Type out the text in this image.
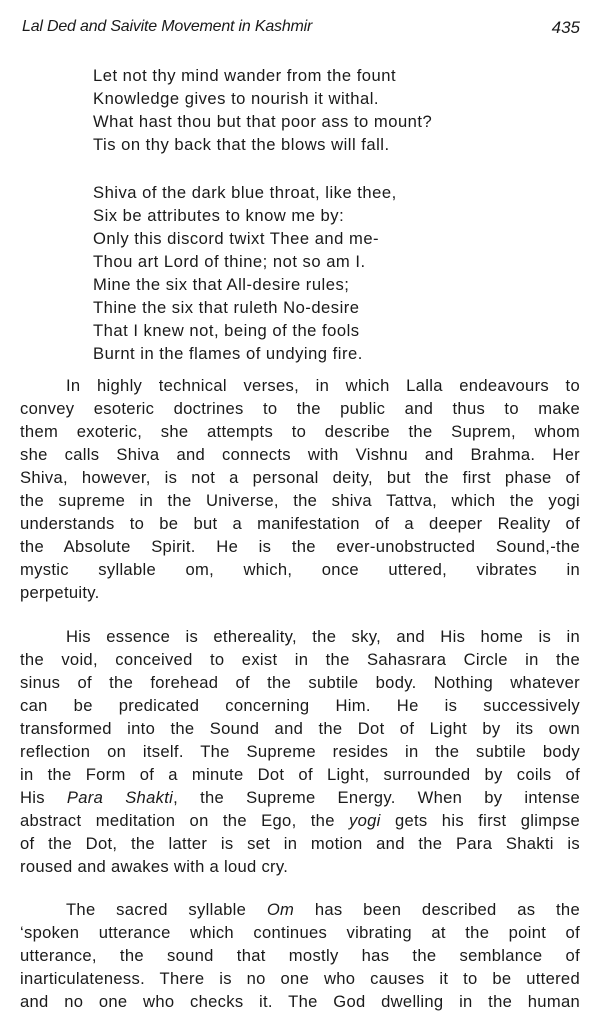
Lal Ded and Saivite Movement in Kashmir	435
Let not thy mind wander from the fount
Knowledge gives to nourish it withal.
What hast thou but that poor ass to mount?
Tis on thy back that the blows will fall.
Shiva of the dark blue throat, like thee,
Six be attributes to know me by:
Only this discord twixt Thee and me-
Thou art Lord of thine; not so am I.
Mine the six that All-desire rules;
Thine the six that ruleth No-desire
That I knew not, being of the fools
Burnt in the flames of undying fire.
In highly technical verses, in which Lalla endeavours to
convey esoteric doctrines to the public and thus to make
them exoteric, she attempts to describe the Suprem, whom
she calls Shiva and connects with Vishnu and Brahma. Her
Shiva, however, is not a personal deity, but the first phase of
the supreme in the Universe, the shiva Tattva, which the yogi
understands to be but a manifestation of a deeper Reality of
the Absolute Spirit. He is the ever-unobstructed Sound,-the
mystic syllable om, which, once uttered, vibrates in
perpetuity.
His essence is ethereality, the sky, and His home is in
the void, conceived to exist in the Sahasrara Circle in the
sinus of the forehead of the subtile body. Nothing whatever
can be predicated concerning Him. He is successively
transformed into the Sound and the Dot of Light by its own
reflection on itself. The Supreme resides in the subtile body
in the Form of a minute Dot of Light, surrounded by coils of
His Para Shakti, the Supreme Energy. When by intense
abstract meditation on the Ego, the yogi gets his first glimpse
of the Dot, the latter is set in motion and the Para Shakti is
roused and awakes with a loud cry.
The sacred syllable Om has been described as the
‘spoken utterance which continues vibrating at the point of
utterance, the sound that mostly has the semblance of
inarticulateness. There is no one who causes it to be uttered
and no one who checks it. The God dwelling in the human
